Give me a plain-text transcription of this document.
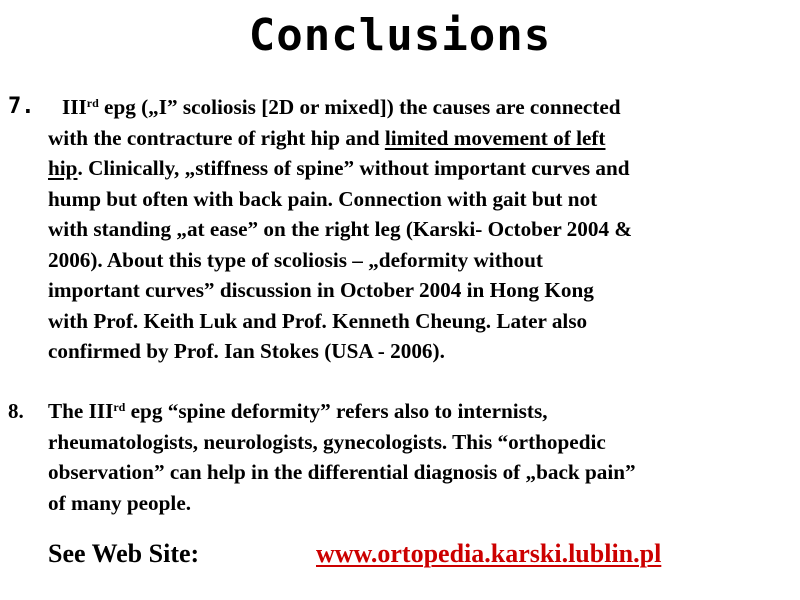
Conclusions
7.	IIIrd epg („I” scoliosis [2D or mixed]) the causes are connected
with the contracture of right hip and limited movement of left
hip. Clinically, „stiffness of spine” without important curves and
hump but often with back pain. Connection with gait but not
with standing „at ease” on the right leg (Karski- October 2004 &
2006). About this type of scoliosis – „deformity without
important curves” discussion in October 2004 in Hong Kong
with Prof. Keith Luk and Prof. Kenneth Cheung. Later also
confirmed by Prof. Ian Stokes (USA - 2006).
8. The IIIrd epg “spine deformity” refers also to internists,
rheumatologists, neurologists, gynecologists. This “orthopedic
observation” can help in the differential diagnosis of „back pain”
of many people.
See Web Site:	www.ortopedia.karski.lublin.pl
